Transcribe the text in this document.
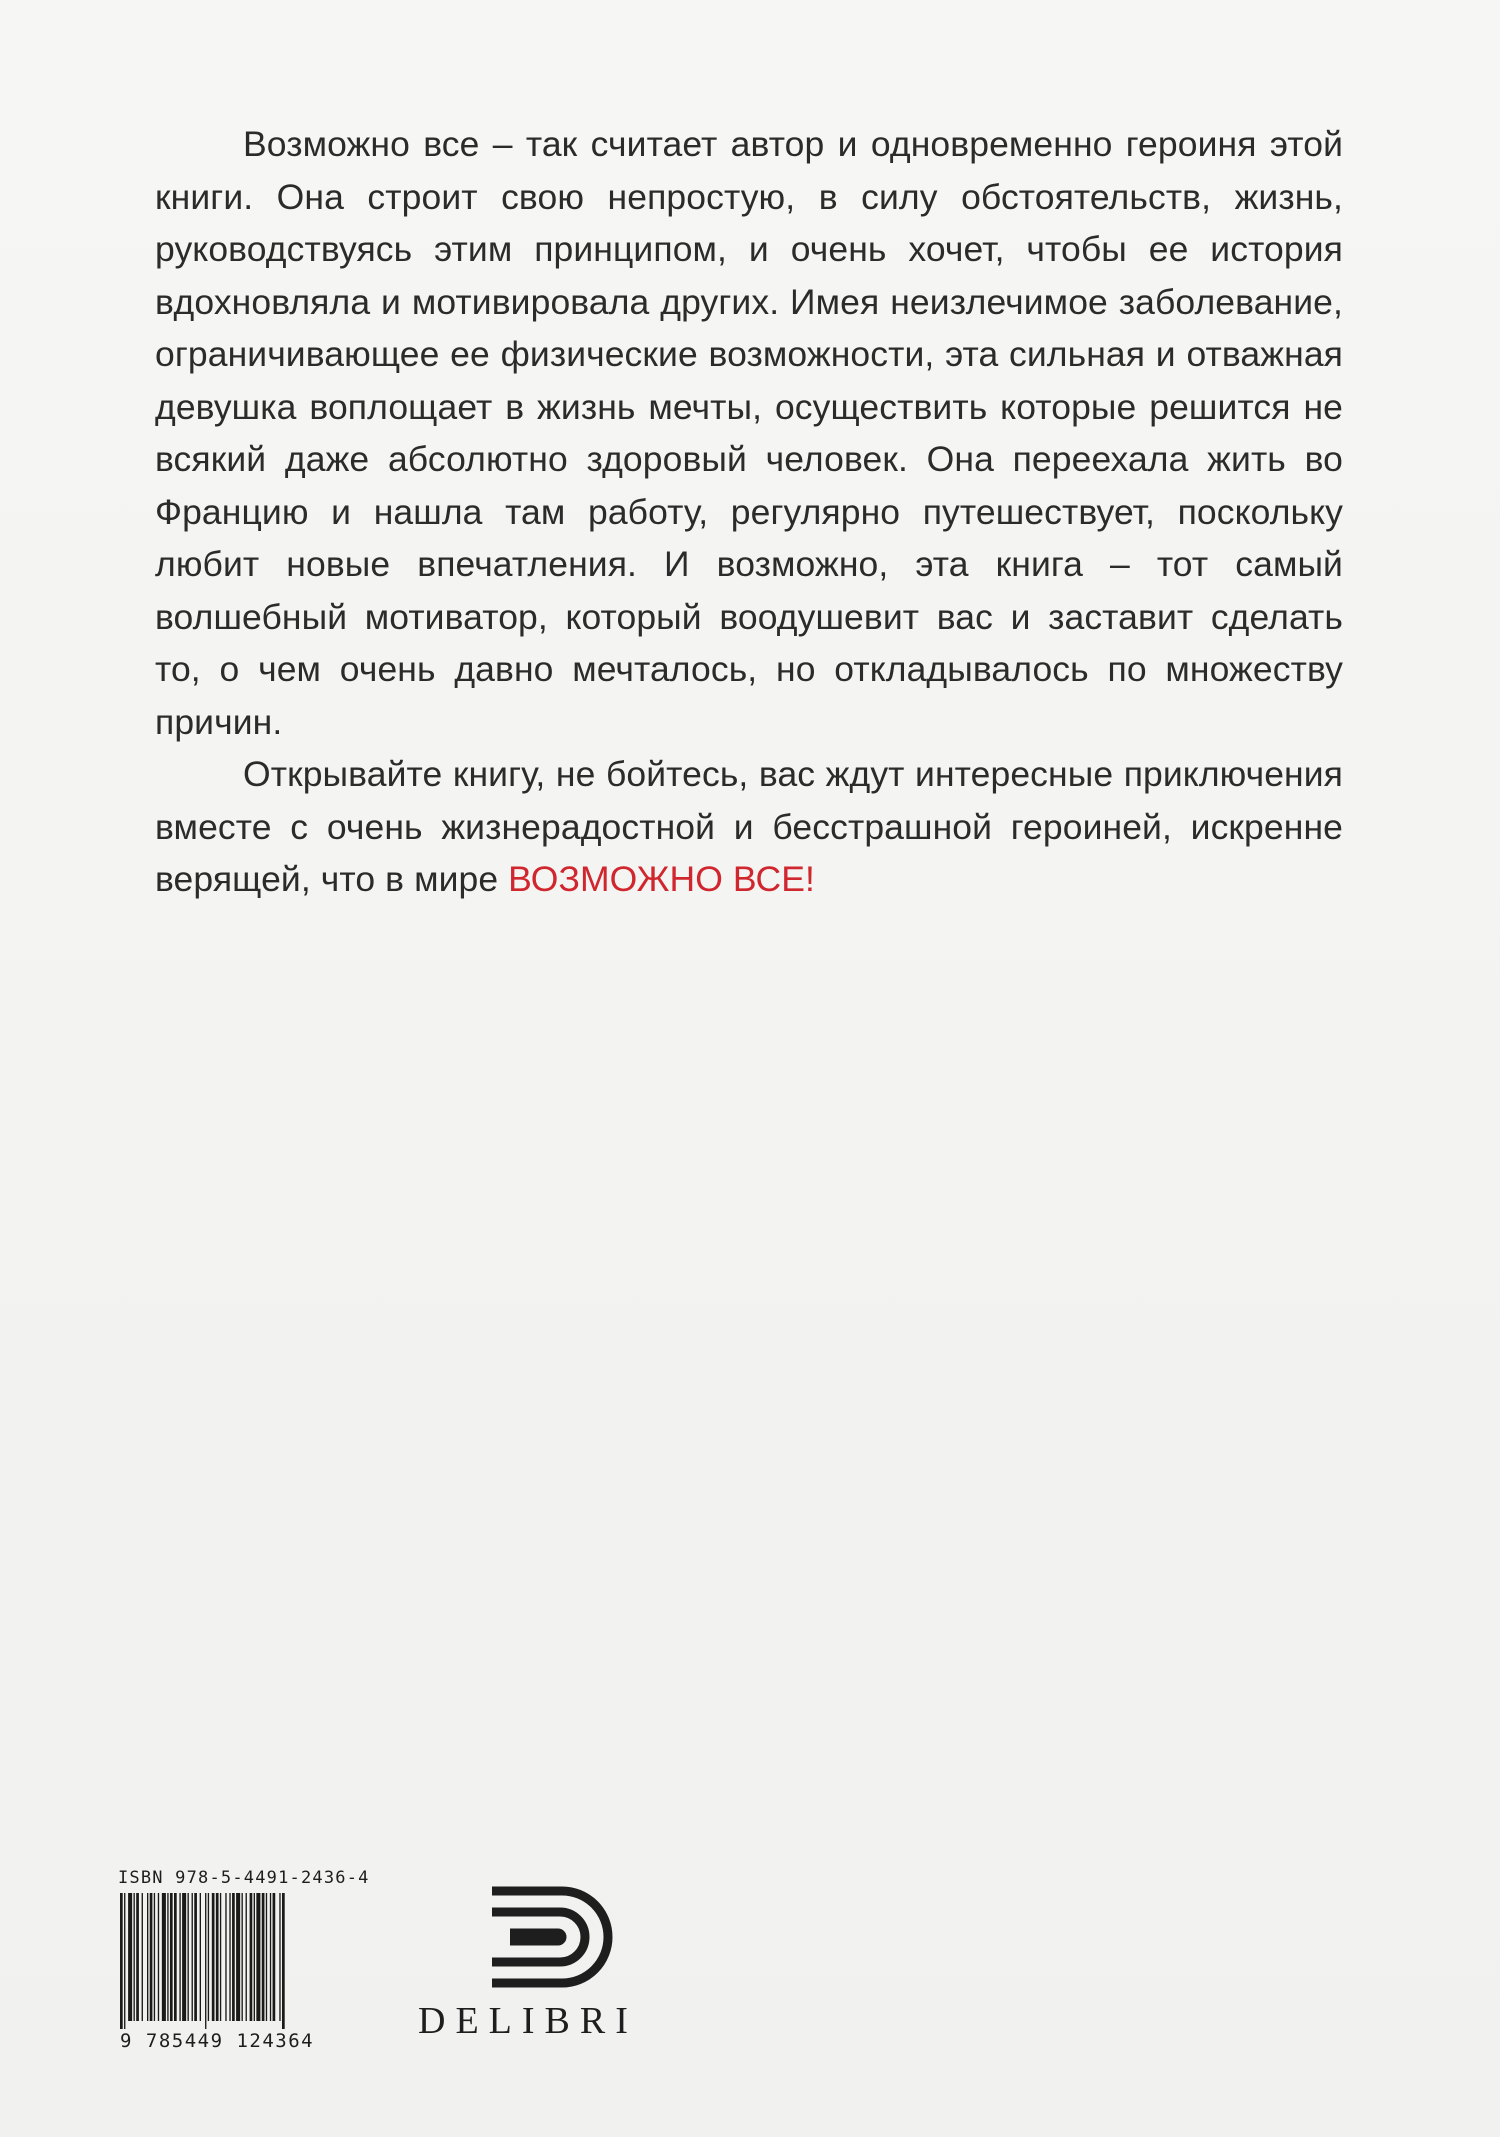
Возможно все – так считает автор и одновременно героиня этой книги. Она строит свою непростую, в силу обстоятельств, жизнь, руководствуясь этим принципом, и очень хочет, чтобы ее история вдохновляла и мотивировала других. Имея неизлечимое заболевание, ограничивающее ее физические возможности, эта сильная и отважная девушка воплощает в жизнь мечты, осуществить которые решится не всякий даже абсолютно здоровый человек. Она переехала жить во Францию и нашла там работу, регулярно путешествует, поскольку любит новые впечатления. И возможно, эта книга – тот самый волшебный мотиватор, который воодушевит вас и заставит сделать то, о чем очень давно мечталось, но откладывалось по множеству причин.

Открывайте книгу, не бойтесь, вас ждут интересные приключения вместе с очень жизнерадостной и бесстрашной героиней, искренне верящей, что в мире ВОЗМОЖНО ВСЕ!

ISBN 978-5-4491-2436-4
9 785449 124364	DELIBRI
